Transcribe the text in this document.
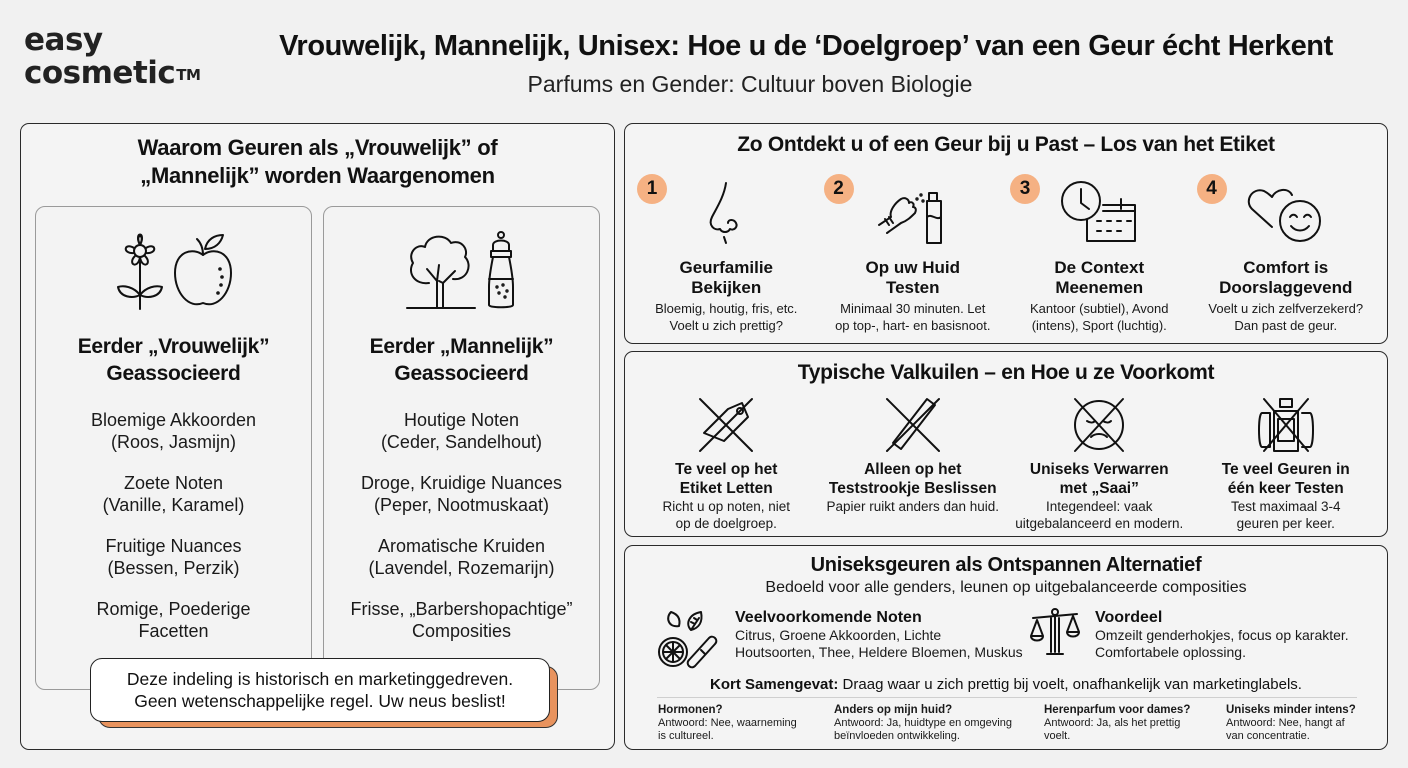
easy
cosmetic™
Vrouwelijk, Mannelijk, Unisex: Hoe u de ‘Doelgroep’ van een Geur écht Herkent
Parfums en Gender: Cultuur boven Biologie
Waarom Geuren als „Vrouwelijk” of
„Mannelijk” worden Waargenomen
Eerder „Vrouwelijk”
Geassocieerd
Bloemige Akkoorden
(Roos, Jasmijn)
Zoete Noten
(Vanille, Karamel)
Fruitige Nuances
(Bessen, Perzik)
Romige, Poederige
Facetten
Eerder „Mannelijk”
Geassocieerd
Houtige Noten
(Ceder, Sandelhout)
Droge, Kruidige Nuances
(Peper, Nootmuskaat)
Aromatische Kruiden
(Lavendel, Rozemarijn)
Frisse, „Barbershopachtige”
Composities
Deze indeling is historisch en marketinggedreven.
Geen wetenschappelijke regel. Uw neus beslist!
Zo Ontdekt u of een Geur bij u Past – Los van het Etiket
1
Geurfamilie
Bekijken

Bloemig, houtig, fris, etc.
Voelt u zich prettig?

2
Op uw Huid
Testen

Minimaal 30 minuten. Let
op top-, hart- en basisnoot.

3
De Context
Meenemen

Kantoor (subtiel), Avond
(intens), Sport (luchtig).

4
Comfort is
Doorslaggevend

Voelt u zich zelfverzekerd?
Dan past de geur.

Typische Valkuilen – en Hoe u ze Voorkomt
Te veel op het
Etiket Letten

Richt u op noten, niet
op de doelgroep.

Alleen op het
Teststrookje Beslissen

Papier ruikt anders dan huid.

Uniseks Verwarren
met „Saai”

Integendeel: vaak
uitgebalanceerd en modern.

Te veel Geuren in
één keer Testen

Test maximaal 3-4
geuren per keer.

Uniseksgeuren als Ontspannen Alternatief
Bedoeld voor alle genders, leunen op uitgebalanceerde composities
Veelvoorkomende Noten

Citrus, Groene Akkoorden, Lichte
Houtsoorten, Thee, Heldere Bloemen, Muskus

Voordeel

Omzeilt genderhokjes, focus op karakter.
Comfortabele oplossing.

Kort Samengevat: Draag waar u zich prettig bij voelt, onafhankelijk van marketinglabels.
Hormonen?
Antwoord: Nee, waarneming
is cultureel.
Anders op mijn huid?
Antwoord: Ja, huidtype en omgeving
beïnvloeden ontwikkeling.
Herenparfum voor dames?
Antwoord: Ja, als het prettig
voelt.
Uniseks minder intens?
Antwoord: Nee, hangt af
van concentratie.
